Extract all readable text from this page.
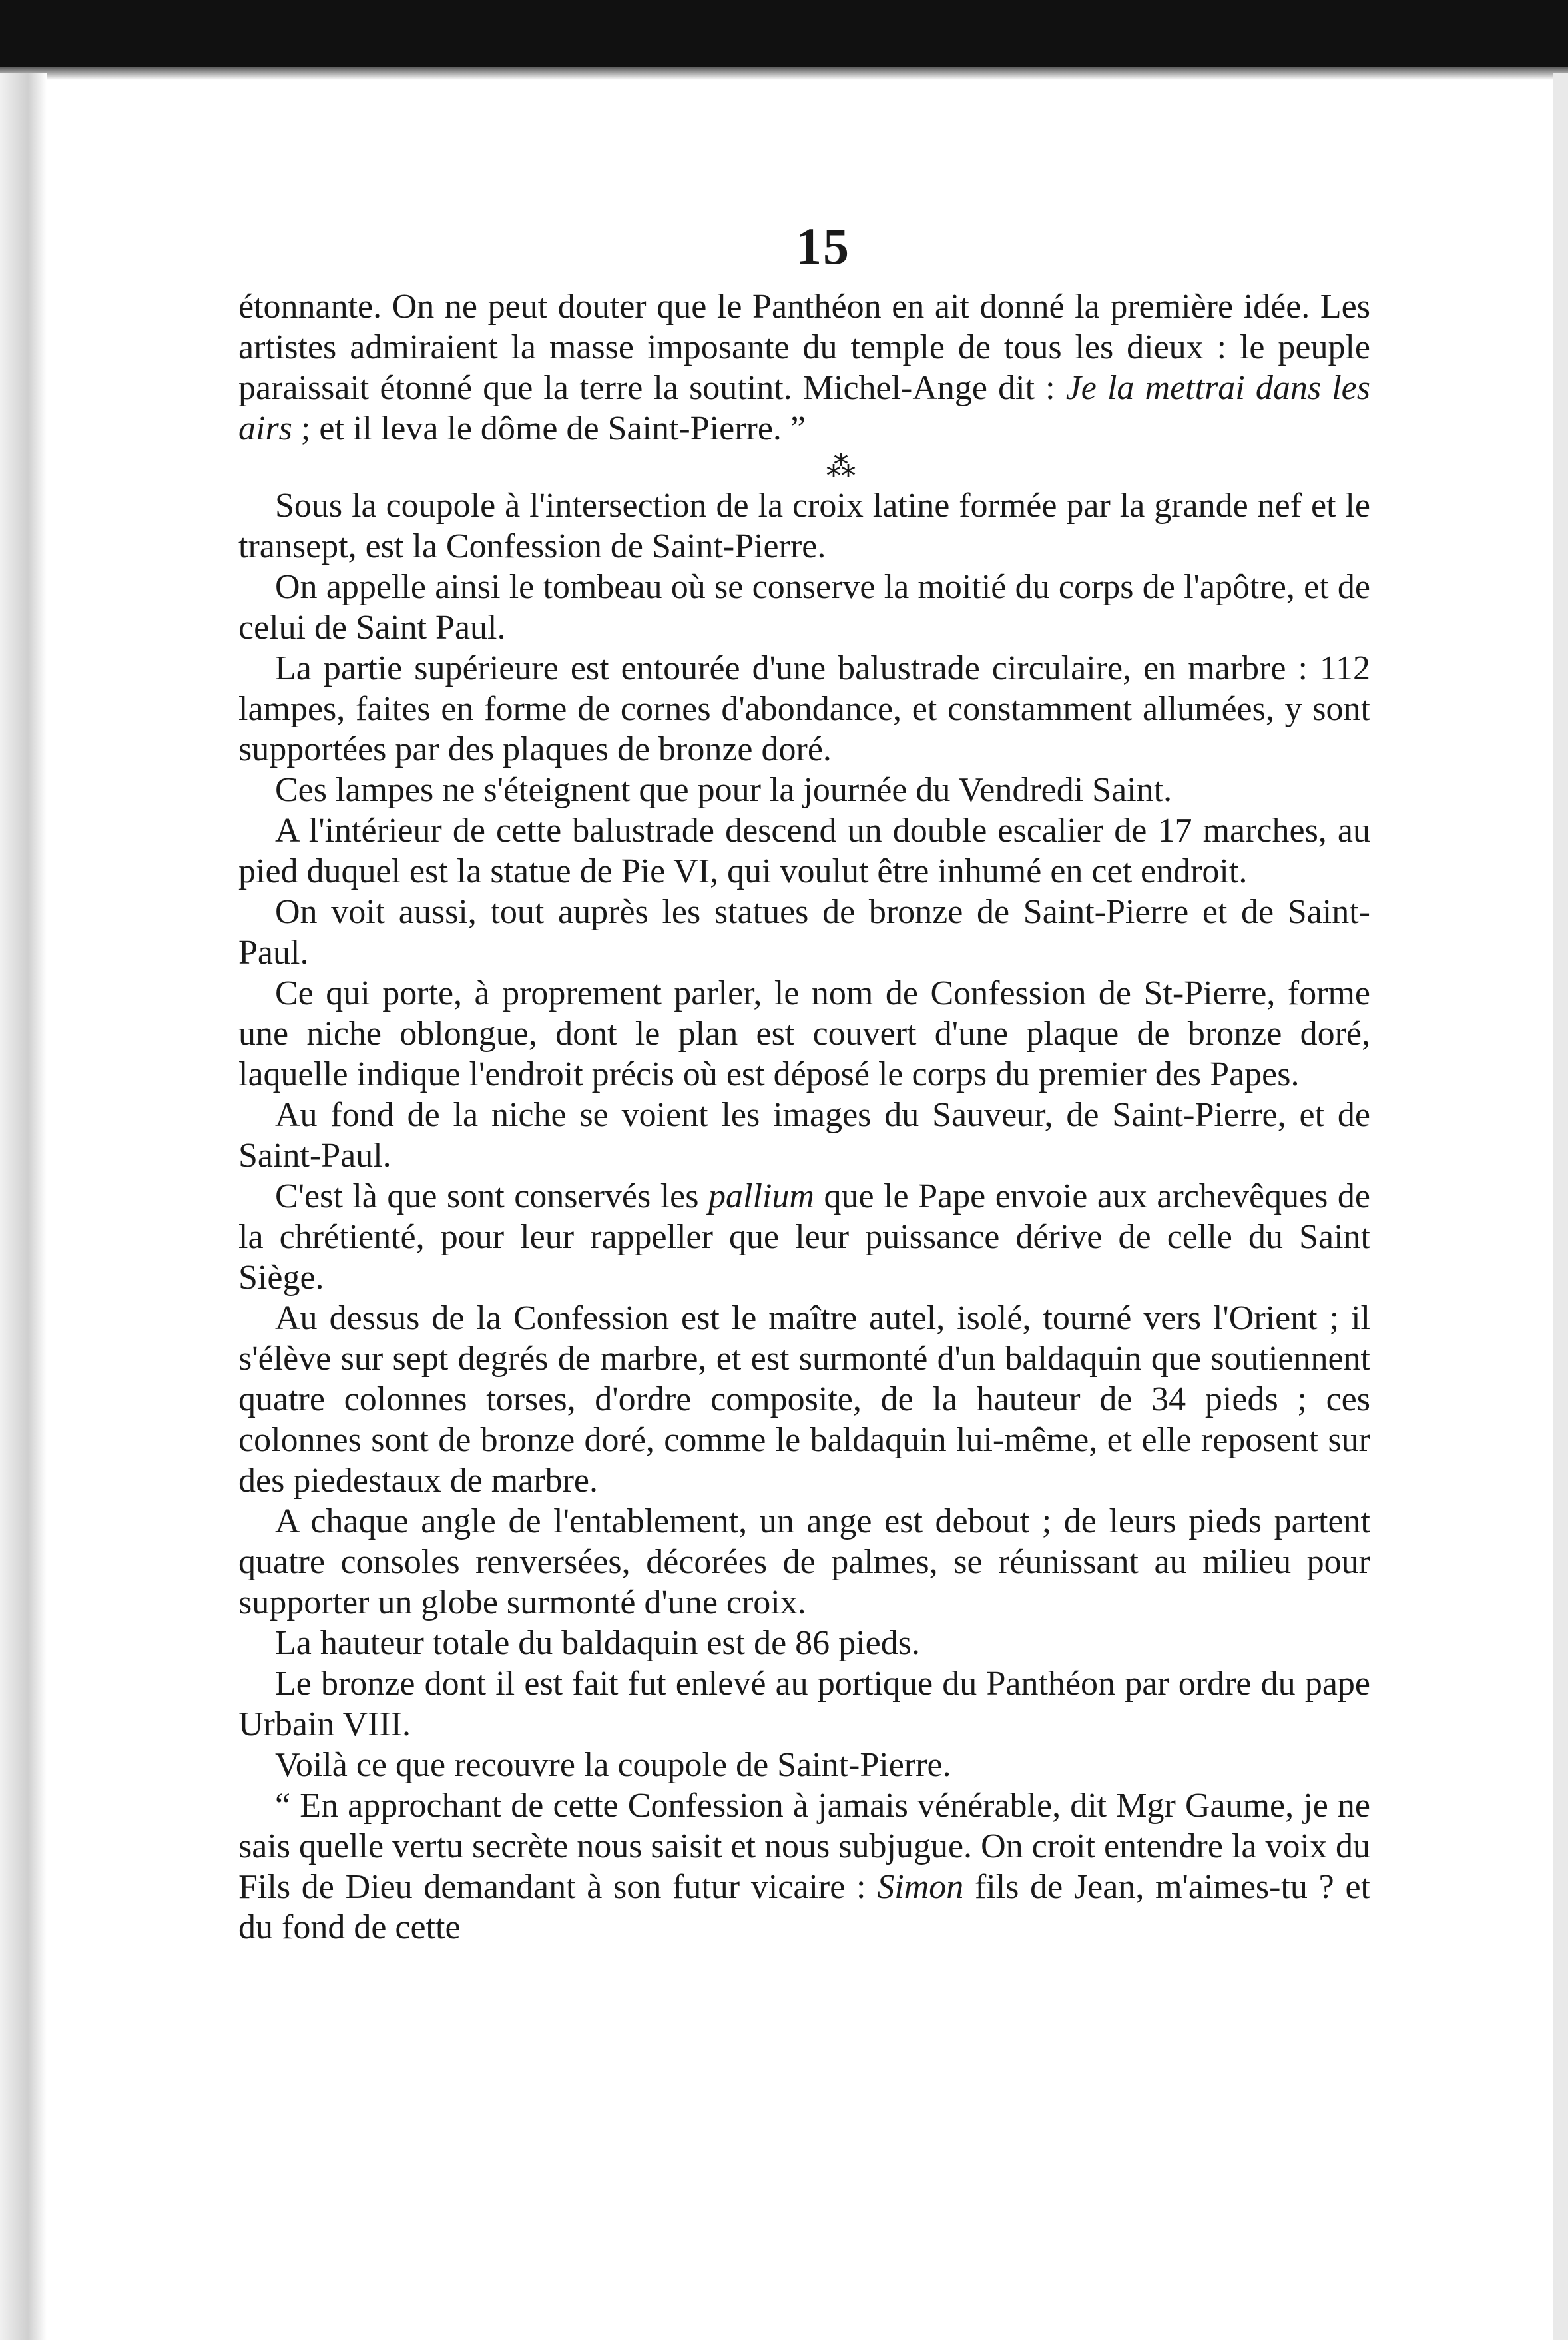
15

étonnante. On ne peut douter que le Panthéon en ait donné la première idée. Les artistes admiraient la masse imposante du temple de tous les dieux : le peuple paraissait étonné que la terre la soutint. Michel-Ange dit : Je la mettrai dans les airs ; et il leva le dôme de Saint-Pierre. ”

⁂

Sous la coupole à l'intersection de la croix latine formée par la grande nef et le transept, est la Confession de Saint-Pierre.

On appelle ainsi le tombeau où se conserve la moitié du corps de l'apôtre, et de celui de Saint Paul.

La partie supérieure est entourée d'une balustrade circulaire, en marbre : 112 lampes, faites en forme de cornes d'abondance, et constamment allumées, y sont supportées par des plaques de bronze doré.

Ces lampes ne s'éteignent que pour la journée du Vendredi Saint.

A l'intérieur de cette balustrade descend un double escalier de 17 marches, au pied duquel est la statue de Pie VI, qui voulut être inhumé en cet endroit.

On voit aussi, tout auprès les statues de bronze de Saint-Pierre et de Saint-Paul.

Ce qui porte, à proprement parler, le nom de Confession de St-Pierre, forme une niche oblongue, dont le plan est couvert d'une plaque de bronze doré, laquelle indique l'endroit précis où est déposé le corps du premier des Papes.

Au fond de la niche se voient les images du Sauveur, de Saint-Pierre, et de Saint-Paul.

C'est là que sont conservés les pallium que le Pape envoie aux archevêques de la chrétienté, pour leur rappeller que leur puissance dérive de celle du Saint Siège.

Au dessus de la Confession est le maître autel, isolé, tourné vers l'Orient ; il s'élève sur sept degrés de marbre, et est surmonté d'un baldaquin que soutiennent quatre colonnes torses, d'ordre composite, de la hauteur de 34 pieds ; ces colonnes sont de bronze doré, comme le baldaquin lui-même, et elle reposent sur des piedestaux de marbre.

A chaque angle de l'entablement, un ange est debout ; de leurs pieds partent quatre consoles renversées, décorées de palmes, se réunissant au milieu pour supporter un globe surmonté d'une croix.

La hauteur totale du baldaquin est de 86 pieds.

Le bronze dont il est fait fut enlevé au portique du Panthéon par ordre du pape Urbain VIII.

Voilà ce que recouvre la coupole de Saint-Pierre.

“ En approchant de cette Confession à jamais vénérable, dit Mgr Gaume, je ne sais quelle vertu secrète nous saisit et nous subjugue. On croit entendre la voix du Fils de Dieu demandant à son futur vicaire : Simon fils de Jean, m'aimes-tu ? et du fond de cette
